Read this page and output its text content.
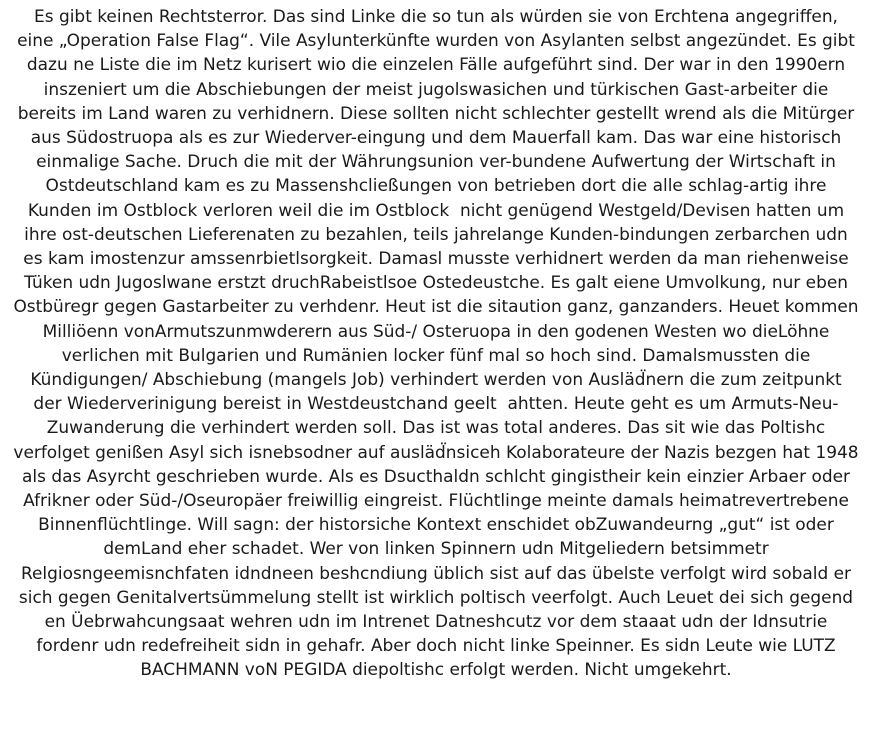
Es gibt keinen Rechtsterror. Das sind Linke die so tun als würden sie von Erchtena angegriffen,
eine „Operation False Flag“. Vile Asylunterkünfte wurden von Asylanten selbst angezündet. Es gibt
dazu ne Liste die im Netz kurisert wio die einzelen Fälle aufgeführt sind. Der war in den 1990ern
inszeniert um die Abschiebungen der meist jugolswasichen und türkischen Gast-arbeiter die
bereits im Land waren zu verhidnern. Diese sollten nicht schlechter gestellt wrend als die Mitürger
aus Südostruopa als es zur Wiederver-eingung und dem Mauerfall kam. Das war eine historisch
einmalige Sache. Druch die mit der Währungsunion ver-bundene Aufwertung der Wirtschaft in
Ostdeutschland kam es zu Massenshcließungen von betrieben dort die alle schlag-artig ihre
Kunden im Ostblock verloren weil die im Ostblock  nicht genügend Westgeld/Devisen hatten um
ihre ost-deutschen Lieferenaten zu bezahlen, teils jahrelange Kunden-bindungen zerbarchen udn
es kam imostenzur amssenrbietlsorgkeit. Damasl musste verhidnert werden da man riehenweise
Tüken udn Jugoslwane erstzt druchRabeistlsoe Ostedeustche. Es galt eiene Umvolkung, nur eben
Ostbüregr gegen Gastarbeiter zu verhdenr. Heut ist die sitaution ganz, ganzanders. Heuet kommen
Milliöenn vonArmutszunmwderern aus Süd-/ Osteruopa in den godenen Westen wo dieLöhne
verlichen mit Bulgarien und Rumänien locker fünf mal so hoch sind. Damalsmussten die
Kündigungen/ Abschiebung (mangels Job) verhindert werden von Ausläd̈nern die zum zeitpunkt
der Wiederverinigung bereist in Westdeustchand geelt  ahtten. Heute geht es um Armuts-Neu-
Zuwanderung die verhindert werden soll. Das ist was total anderes. Das sit wie das Poltishc
verfolget genißen Asyl sich isnebsodner auf ausläd̈nsiceh Kolaborateure der Nazis bezgen hat 1948
als das Asyrcht geschrieben wurde. Als es Dsucthaldn schlcht gingistheir kein einzier Arbaer oder
Afrikner oder Süd-/Oseuropäer freiwillig eingreist. Flüchtlinge meinte damals heimatrevertrebene
Binnenflüchtlinge. Will sagn: der historsiche Kontext enschidet obZuwandeurng „gut“ ist oder
demLand eher schadet. Wer von linken Spinnern udn Mitgeliedern betsimmetr
Relgiosngeemisnchfaten idndneen beshcndiung üblich sist auf das übelste verfolgt wird sobald er
sich gegen Genitalvertsümmelung stellt ist wirklich poltisch veerfolgt. Auch Leuet dei sich gegend
en Üebrwahcungsaat wehren udn im Intrenet Datneshcutz vor dem staaat udn der Idnsutrie
fordenr udn redefreiheit sidn in gehafr. Aber doch nicht linke Speinner. Es sidn Leute wie LUTZ
BACHMANN voN PEGIDA diepoltishc erfolgt werden. Nicht umgekehrt.
